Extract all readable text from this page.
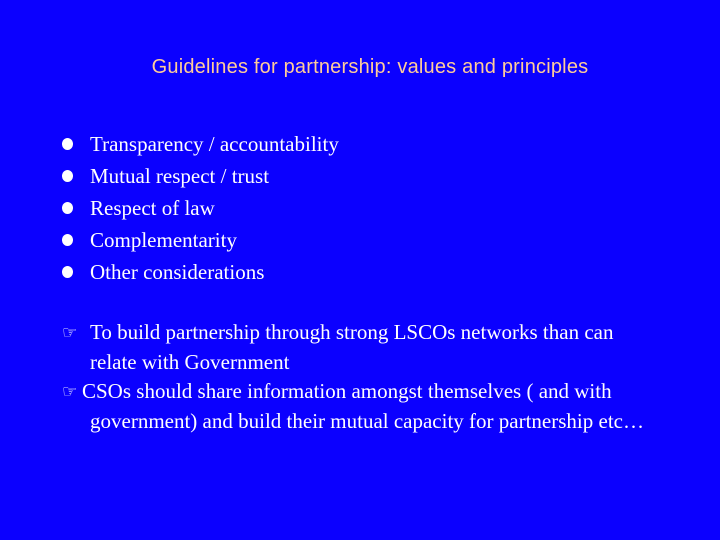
Guidelines for partnership: values and principles
Transparency / accountability
Mutual respect / trust
Respect of law
Complementarity
Other considerations

☞ To build partnership through strong LSCOs networks than can relate with Government

☞ CSOs should share information amongst themselves ( and with government) and build their mutual capacity for partnership etc…
